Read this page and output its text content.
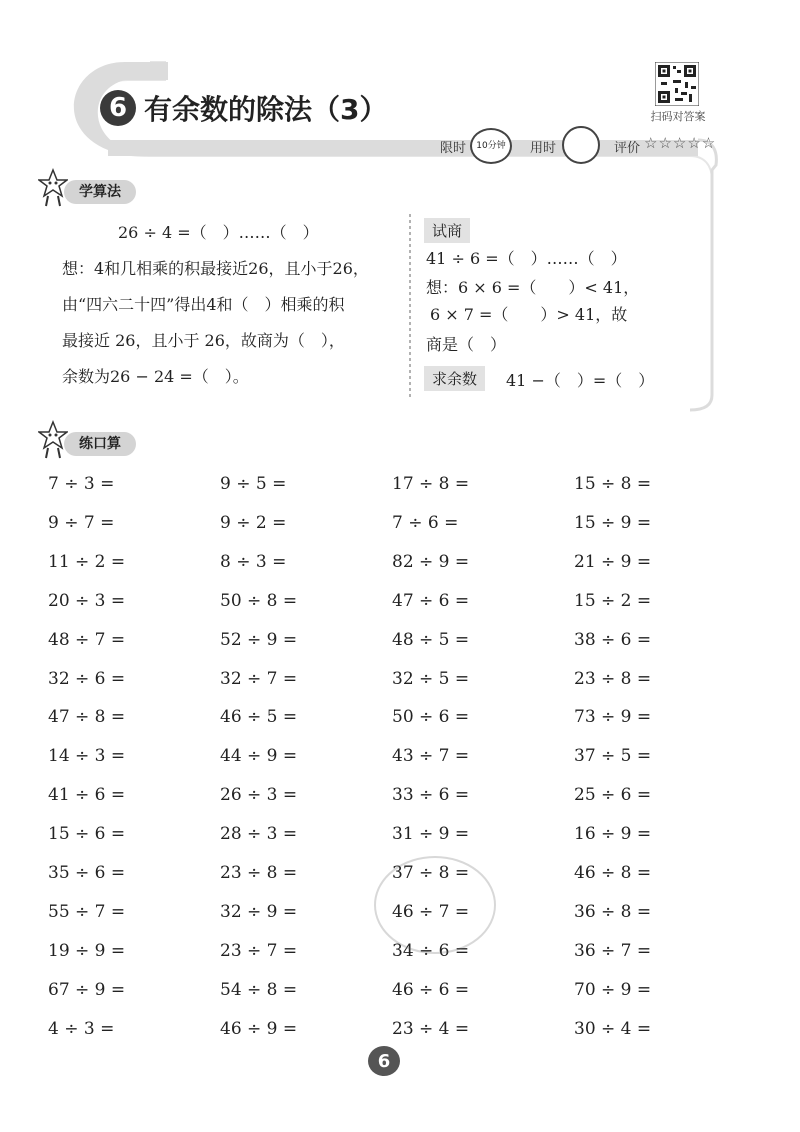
6 有余数的除法（3）	扫码对答案
限时	10分钟	用时	评价 ☆☆☆☆☆
学算法
26 ÷ 4 =（　）……（　）
想：4和几相乘的积最接近26，且小于26，
由“四六二十四”得出4和（　）相乘的积
最接近 26，且小于 26，故商为（　），
余数为26 − 24 =（　）。
试商
41 ÷ 6 =（　）……（　）
想：6 × 6 =（　　）< 41，
6 × 7 =（　　）> 41，故
商是（　）
求余数	41 −（　）=（　）
练口算
7 ÷ 3 =	9 ÷ 5 =	17 ÷ 8 =	15 ÷ 8 =
9 ÷ 7 =	9 ÷ 2 =	7 ÷ 6 =	15 ÷ 9 =
11 ÷ 2 =	8 ÷ 3 =	82 ÷ 9 =	21 ÷ 9 =
20 ÷ 3 =	50 ÷ 8 =	47 ÷ 6 =	15 ÷ 2 =
48 ÷ 7 =	52 ÷ 9 =	48 ÷ 5 =	38 ÷ 6 =
32 ÷ 6 =	32 ÷ 7 =	32 ÷ 5 =	23 ÷ 8 =
47 ÷ 8 =	46 ÷ 5 =	50 ÷ 6 =	73 ÷ 9 =
14 ÷ 3 =	44 ÷ 9 =	43 ÷ 7 =	37 ÷ 5 =
41 ÷ 6 =	26 ÷ 3 =	33 ÷ 6 =	25 ÷ 6 =
15 ÷ 6 =	28 ÷ 3 =	31 ÷ 9 =	16 ÷ 9 =
35 ÷ 6 =	23 ÷ 8 =	37 ÷ 8 =	46 ÷ 8 =
55 ÷ 7 =	32 ÷ 9 =	46 ÷ 7 =	36 ÷ 8 =
19 ÷ 9 =	23 ÷ 7 =	34 ÷ 6 =	36 ÷ 7 =
67 ÷ 9 =	54 ÷ 8 =	46 ÷ 6 =	70 ÷ 9 =
4 ÷ 3 =	46 ÷ 9 =	23 ÷ 4 =	30 ÷ 4 =
6
